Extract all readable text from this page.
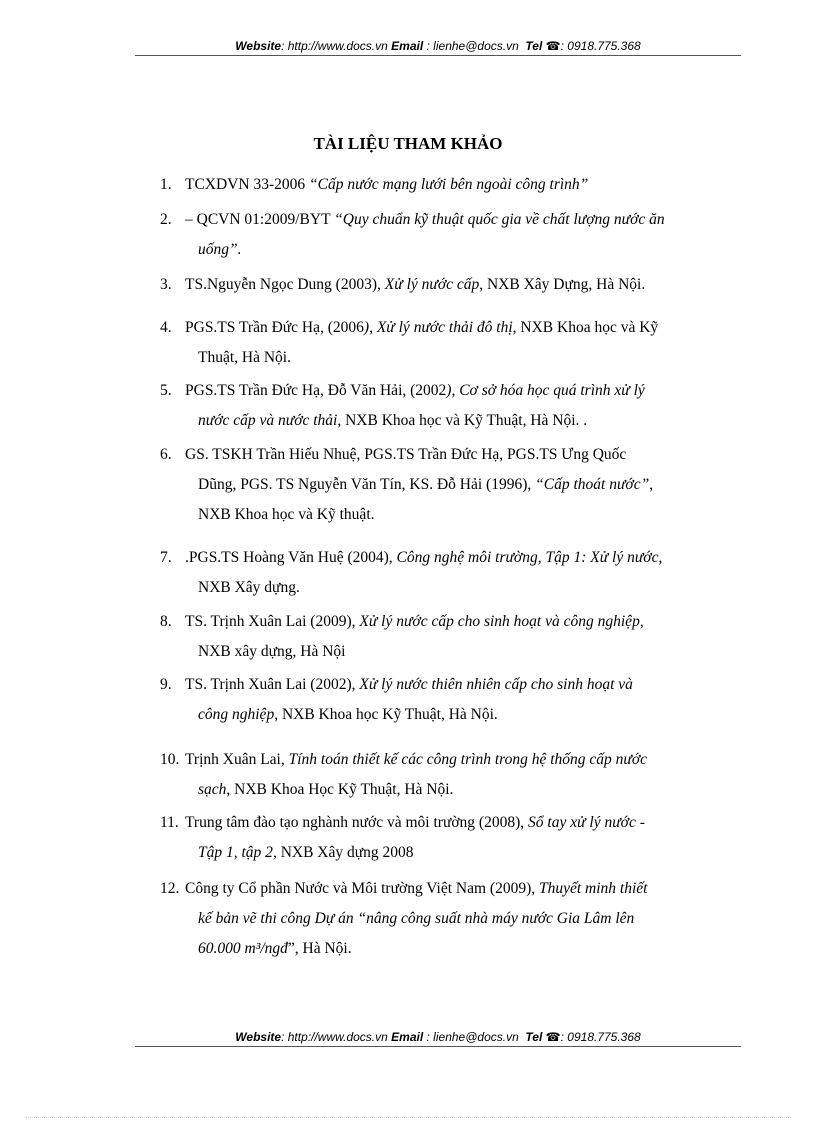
Website: http://www.docs.vn Email : lienhe@docs.vn Tel ☎: 0918.775.368
TÀI LIỆU THAM KHẢO
1. TCXDVN 33-2006 “Cấp nước mạng lưới bên ngoài công trình”
2. – QCVN 01:2009/BYT “Quy chuẩn kỹ thuật quốc gia về chất lượng nước ăn
uống”.
3. TS.Nguyễn Ngọc Dung (2003), Xử lý nước cấp, NXB Xây Dựng, Hà Nội.
4. PGS.TS Trần Đức Hạ, (2006), Xử lý nước thải đô thị, NXB Khoa học và Kỹ
Thuật, Hà Nội.
5. PGS.TS Trần Đức Hạ, Đỗ Văn Hải, (2002), Cơ sở hóa học quá trình xử lý
nước cấp và nước thải, NXB Khoa học và Kỹ Thuật, Hà Nội. .
6. GS. TSKH Trần Hiếu Nhuệ, PGS.TS Trần Đức Hạ, PGS.TS Ưng Quốc
Dũng, PGS. TS Nguyễn Văn Tín, KS. Đỗ Hải (1996), “Cấp thoát nước”,
NXB Khoa học và Kỹ thuật.
7. .PGS.TS Hoàng Văn Huệ (2004), Công nghệ môi trường, Tập 1: Xử lý nước,
NXB Xây dựng.
8. TS. Trịnh Xuân Lai (2009), Xử lý nước cấp cho sinh hoạt và công nghiệp,
NXB xây dựng, Hà Nội
9. TS. Trịnh Xuân Lai (2002), Xử lý nước thiên nhiên cấp cho sinh hoạt và
công nghiệp, NXB Khoa học Kỹ Thuật, Hà Nội.
10. Trịnh Xuân Lai, Tính toán thiết kế các công trình trong hệ thống cấp nước
sạch, NXB Khoa Học Kỹ Thuật, Hà Nội.
11. Trung tâm đào tạo nghành nước và môi trường (2008), Sổ tay xử lý nước -
Tập 1, tập 2, NXB Xây dựng 2008
12. Công ty Cổ phần Nước và Môi trường Việt Nam (2009), Thuyết minh thiết
kế bản vẽ thi công Dự án “nâng công suất nhà máy nước Gia Lâm lên
60.000 m³/ngđ”, Hà Nội.
Website: http://www.docs.vn Email : lienhe@docs.vn Tel ☎: 0918.775.368
